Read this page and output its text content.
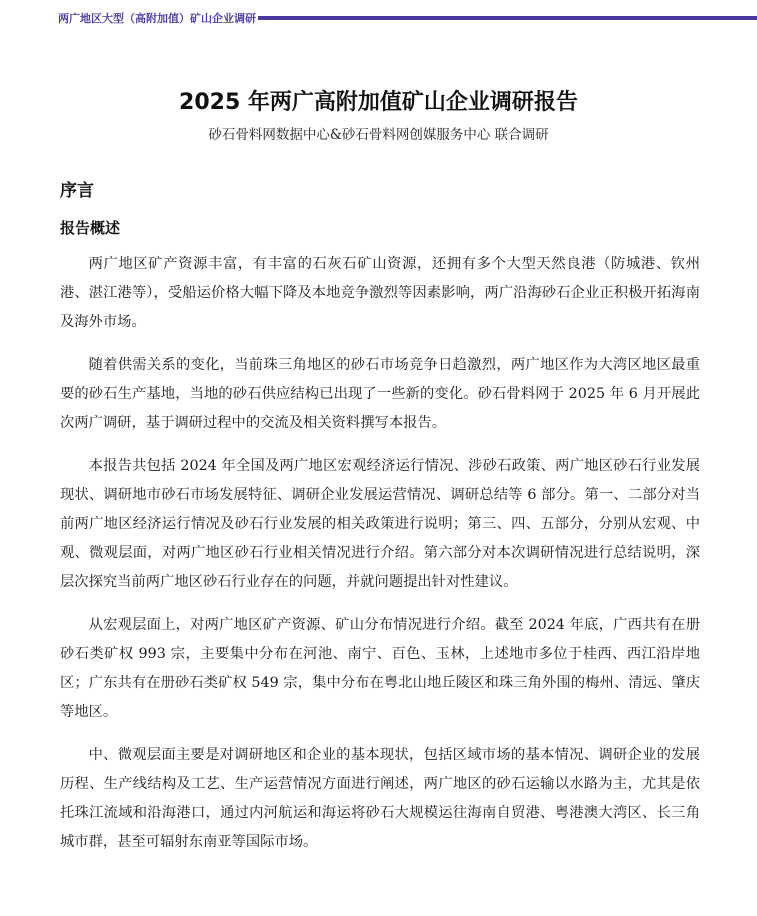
两广地区大型（高附加值）矿山企业调研
2025 年两广高附加值矿山企业调研报告
砂石骨料网数据中心&砂石骨料网创媒服务中心 联合调研
序言
报告概述

两广地区矿产资源丰富，有丰富的石灰石矿山资源，还拥有多个大型天然良港（防城港、钦州港、湛江港等），受船运价格大幅下降及本地竞争激烈等因素影响，两广沿海砂石企业正积极开拓海南及海外市场。

随着供需关系的变化，当前珠三角地区的砂石市场竞争日趋激烈，两广地区作为大湾区地区最重要的砂石生产基地，当地的砂石供应结构已出现了一些新的变化。砂石骨料网于 2025 年 6 月开展此次两广调研，基于调研过程中的交流及相关资料撰写本报告。

本报告共包括 2024 年全国及两广地区宏观经济运行情况、涉砂石政策、两广地区砂石行业发展现状、调研地市砂石市场发展特征、调研企业发展运营情况、调研总结等 6 部分。第一、二部分对当前两广地区经济运行情况及砂石行业发展的相关政策进行说明；第三、四、五部分，分别从宏观、中观、微观层面，对两广地区砂石行业相关情况进行介绍。第六部分对本次调研情况进行总结说明，深层次探究当前两广地区砂石行业存在的问题，并就问题提出针对性建议。

从宏观层面上，对两广地区矿产资源、矿山分布情况进行介绍。截至 2024 年底，广西共有在册砂石类矿权 993 宗，主要集中分布在河池、南宁、百色、玉林，上述地市多位于桂西、西江沿岸地区；广东共有在册砂石类矿权 549 宗，集中分布在粤北山地丘陵区和珠三角外围的梅州、清远、肇庆等地区。

中、微观层面主要是对调研地区和企业的基本现状，包括区域市场的基本情况、调研企业的发展历程、生产线结构及工艺、生产运营情况方面进行阐述，两广地区的砂石运输以水路为主，尤其是依托珠江流域和沿海港口，通过内河航运和海运将砂石大规模运往海南自贸港、粤港澳大湾区、长三角城市群，甚至可辐射东南亚等国际市场。
